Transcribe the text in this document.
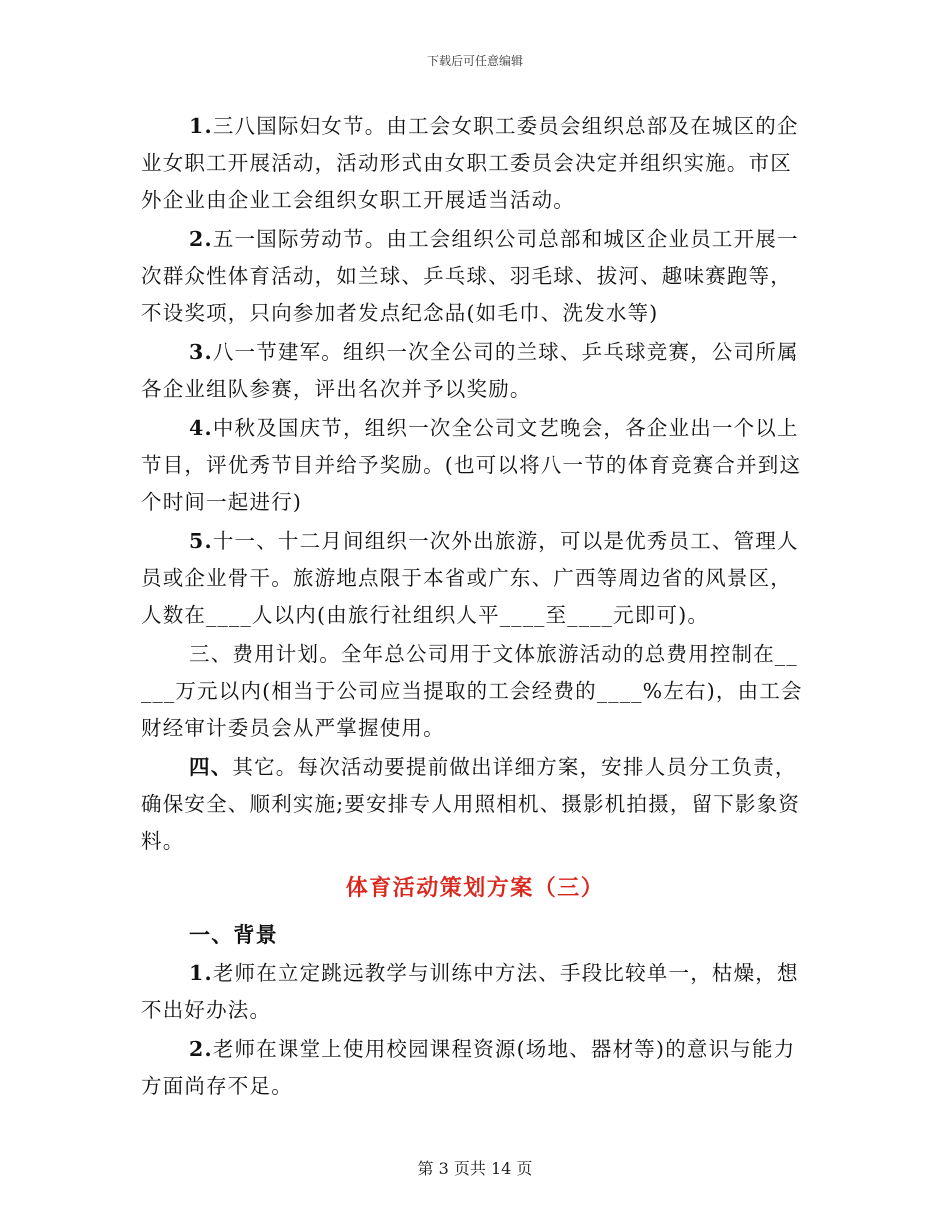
下载后可任意编辑

1.三八国际妇女节。由工会女职工委员会组织总部及在城区的企业女职工开展活动，活动形式由女职工委员会决定并组织实施。市区外企业由企业工会组织女职工开展适当活动。

2.五一国际劳动节。由工会组织公司总部和城区企业员工开展一次群众性体育活动，如兰球、乒乓球、羽毛球、拔河、趣味赛跑等，不设奖项，只向参加者发点纪念品(如毛巾、洗发水等)

3.八一节建军。组织一次全公司的兰球、乒乓球竞赛，公司所属各企业组队参赛，评出名次并予以奖励。

4.中秋及国庆节，组织一次全公司文艺晚会，各企业出一个以上节目，评优秀节目并给予奖励。(也可以将八一节的体育竞赛合并到这个时间一起进行)

5.十一、十二月间组织一次外出旅游，可以是优秀员工、管理人员或企业骨干。旅游地点限于本省或广东、广西等周边省的风景区，人数在____人以内(由旅行社组织人平____至____元即可)。

三、费用计划。全年总公司用于文体旅游活动的总费用控制在_____万元以内(相当于公司应当提取的工会经费的____%左右)，由工会财经审计委员会从严掌握使用。

四、其它。每次活动要提前做出详细方案，安排人员分工负责，确保安全、顺利实施;要安排专人用照相机、摄影机拍摄，留下影象资料。

体育活动策划方案（三）
一、背景

1.老师在立定跳远教学与训练中方法、手段比较单一，枯燥，想不出好办法。

2.老师在课堂上使用校园课程资源(场地、器材等)的意识与能力方面尚存不足。

第 3 页共 14 页
